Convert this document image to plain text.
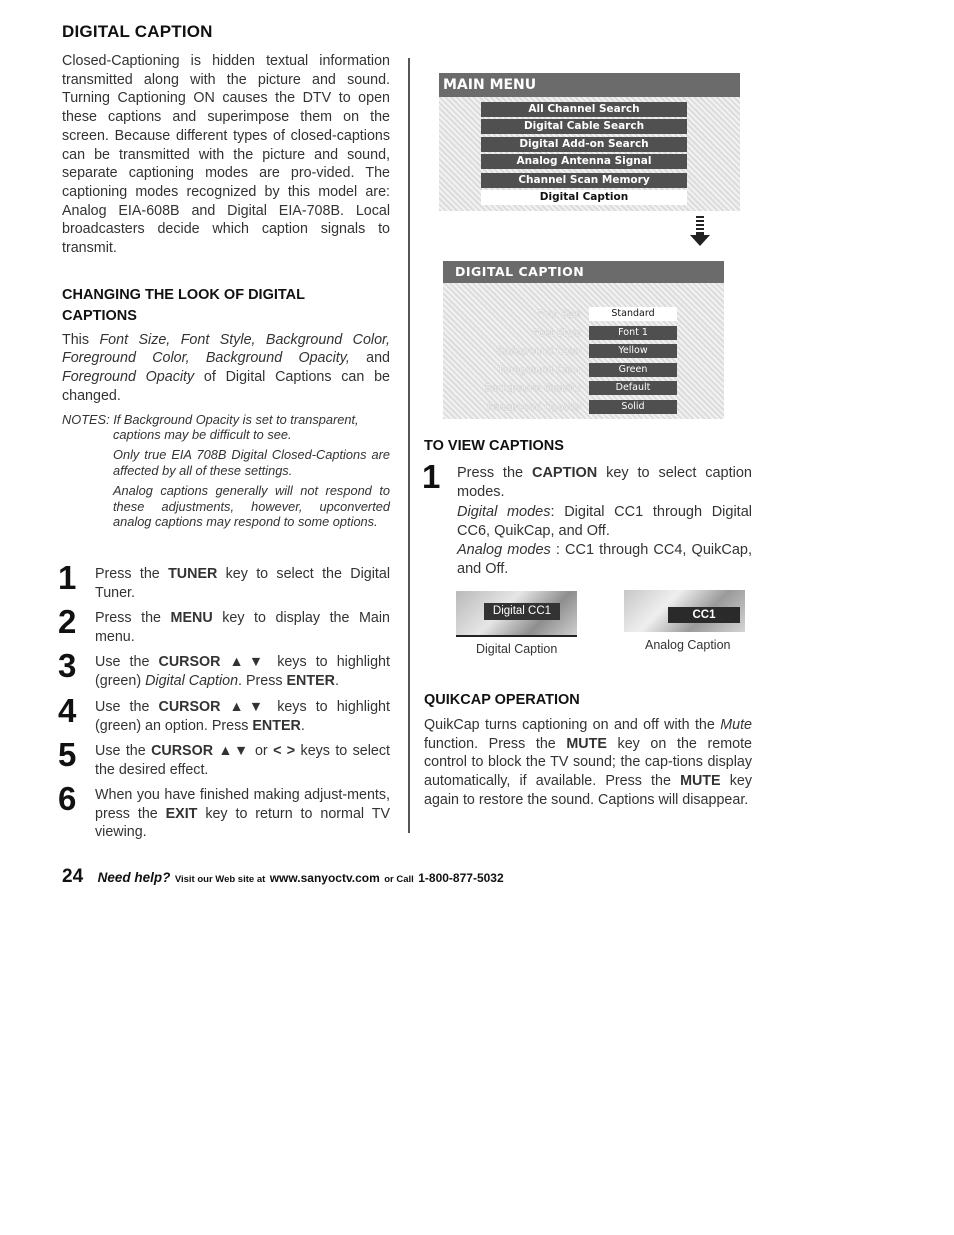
DIGITAL CAPTION

Closed-Captioning is hidden textual information transmitted along with the picture and sound. Turning Captioning ON causes the DTV to open these captions and superimpose them on the screen. Because different types of closed-captions can be transmitted with the picture and sound, separate captioning modes are pro-vided. The captioning modes recognized by this model are: Analog EIA-608B and Digital EIA-708B. Local broadcasters decide which caption signals to transmit.

CHANGING THE LOOK OF DIGITAL
CAPTIONS

This Font Size, Font Style, Background Color, Foreground Color, Background Opacity, and Foreground Opacity of Digital Captions can be changed.

NOTES: If Background Opacity is set to transparent,
captions may be difficult to see.
Only true EIA 708B Digital Closed-Captions are affected by all of these settings.
Analog captions generally will not respond to these adjustments, however, upconverted analog captions may respond to some options.
1 Press the TUNER key to select the Digital Tuner.
2 Press the MENU key to display the Main menu.
3 Use the CURSOR ▲▼ keys to highlight (green) Digital Caption. Press ENTER.
4 Use the CURSOR ▲▼ keys to highlight (green) an option. Press ENTER.
5 Use the CURSOR ▲▼ or < > keys to select the desired effect.
6 When you have finished making adjust-ments, press the EXIT key to return to normal TV viewing.
MAIN MENU
All Channel Search
Digital Cable Search
Digital Add-on Search
Analog Antenna Signal
Channel Scan Memory
Digital Caption
DIGITAL CAPTION
Font Size	Standard
Font Style	Font 1
Background Color	Yellow
Foreground Color	Green
Background Opacity	Default
Foreground Opacity	Solid
TO VIEW CAPTIONS
1 Press the CAPTION key to select caption modes.
Digital modes: Digital CC1 through Digital CC6, QuikCap, and Off.
Analog modes : CC1 through CC4, QuikCap, and Off.
Digital CC1
Digital Caption
CC1
Analog Caption
QUIKCAP OPERATION

QuikCap turns captioning on and off with the Mute function. Press the MUTE key on the remote control to block the TV sound; the cap-tions display automatically, if available. Press the MUTE key again to restore the sound. Captions will disappear.

24 Need help? Visit our Web site at www.sanyoctv.com or Call 1-800-877-5032
